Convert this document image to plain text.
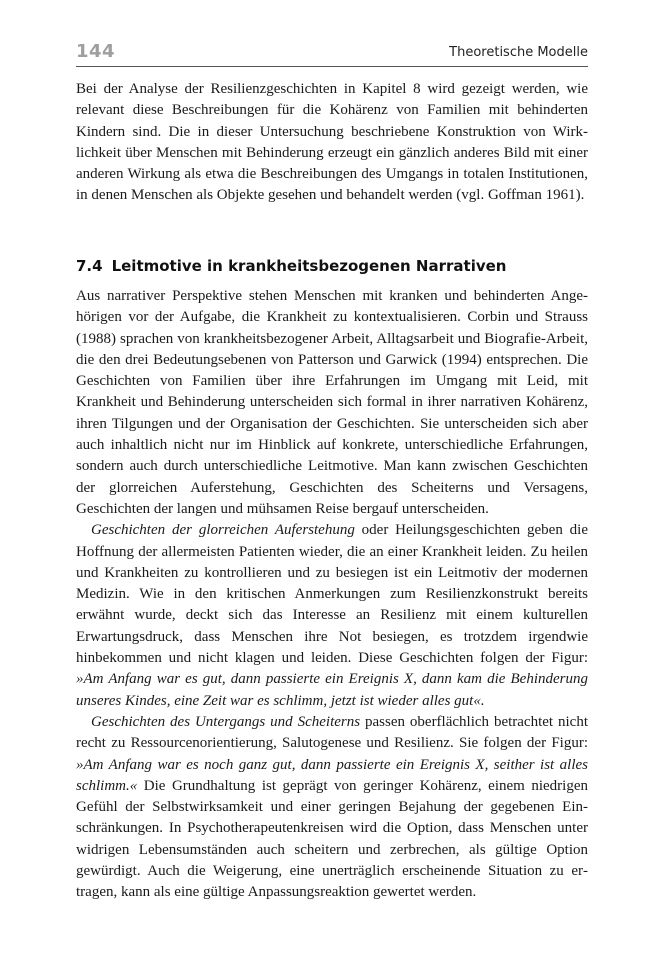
144	Theoretische Modelle

Bei der Analyse der Resilienzgeschichten in Kapitel 8 wird gezeigt werden, wie relevant diese Beschreibungen für die Kohärenz von Familien mit behinderten Kindern sind. Die in dieser Untersuchung beschriebene Konstruktion von Wirklichkeit über Menschen mit Behinderung erzeugt ein gänzlich anderes Bild mit einer anderen Wirkung als etwa die Beschreibungen des Umgangs in totalen Institutionen, in denen Menschen als Objekte gesehen und behandelt werden (vgl. Goffman 1961).

7.4 Leitmotive in krankheitsbezogenen Narrativen

Aus narrativer Perspektive stehen Menschen mit kranken und behinderten Angehörigen vor der Aufgabe, die Krankheit zu kontextualisieren. Corbin und Strauss (1988) sprachen von krankheitsbezogener Arbeit, Alltagsarbeit und Biografie-Arbeit, die den drei Bedeutungsebenen von Patterson und Garwick (1994) entsprechen. Die Geschichten von Familien über ihre Erfahrungen im Umgang mit Leid, mit Krankheit und Behinderung unterscheiden sich formal in ihrer narrativen Kohärenz, ihren Tilgungen und der Organisation der Geschichten. Sie unterscheiden sich aber auch inhaltlich nicht nur im Hinblick auf konkrete, unterschiedliche Erfahrungen, sondern auch durch unterschiedliche Leitmotive. Man kann zwischen Geschichten der glorreichen Auferstehung, Geschichten des Scheiterns und Versagens, Geschichten der langen und mühsamen Reise bergauf unterscheiden.

Geschichten der glorreichen Auferstehung oder Heilungsgeschichten geben die Hoffnung der allermeisten Patienten wieder, die an einer Krankheit leiden. Zu heilen und Krankheiten zu kontrollieren und zu besiegen ist ein Leitmotiv der modernen Medizin. Wie in den kritischen Anmerkungen zum Resilienzkonstrukt bereits erwähnt wurde, deckt sich das Interesse an Resilienz mit einem kulturellen Erwartungsdruck, dass Menschen ihre Not besiegen, es trotzdem irgendwie hinbekommen und nicht klagen und leiden. Diese Geschichten folgen der Figur: »Am Anfang war es gut, dann passierte ein Ereignis X, dann kam die Behinderung unseres Kindes, eine Zeit war es schlimm, jetzt ist wieder alles gut«.

Geschichten des Untergangs und Scheiterns passen oberflächlich betrachtet nicht recht zu Ressourcenorientierung, Salutogenese und Resilienz. Sie folgen der Figur: »Am Anfang war es noch ganz gut, dann passierte ein Ereignis X, seither ist alles schlimm.« Die Grundhaltung ist geprägt von geringer Kohärenz, einem niedrigen Gefühl der Selbstwirksamkeit und einer geringen Bejahung der gegebenen Einschränkungen. In Psychotherapeutenkreisen wird die Option, dass Menschen unter widrigen Lebensumständen auch scheitern und zerbrechen, als gültige Option gewürdigt. Auch die Weigerung, eine unerträglich erscheinende Situation zu ertragen, kann als eine gültige Anpassungsreaktion gewertet werden.
